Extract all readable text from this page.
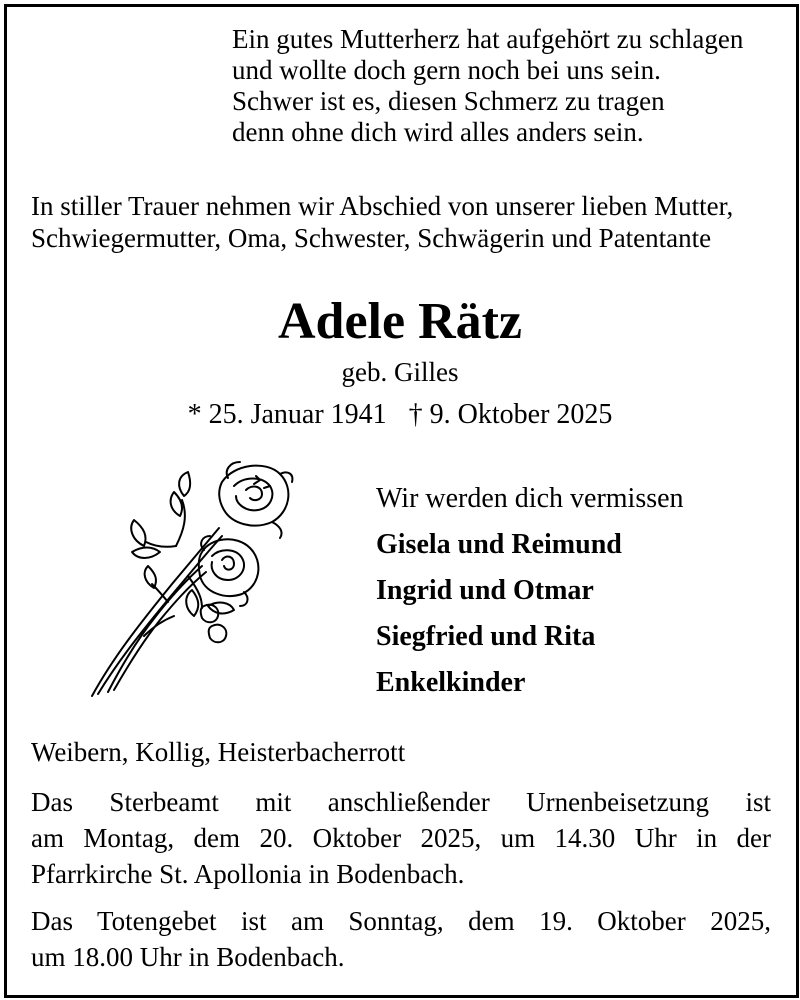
Ein gutes Mutterherz hat aufgehört zu schlagen
und wollte doch gern noch bei uns sein.
Schwer ist es, diesen Schmerz zu tragen
denn ohne dich wird alles anders sein.
In stiller Trauer nehmen wir Abschied von unserer lieben Mutter,
Schwiegermutter, Oma, Schwester, Schwägerin und Patentante
Adele Rätz
geb. Gilles
* 25. Januar 1941 † 9. Oktober 2025
Wir werden dich vermissen
Gisela und Reimund
Ingrid und Otmar
Siegfried und Rita
Enkelkinder
Weibern, Kollig, Heisterbacherrott
Das Sterbeamt mit anschließender Urnenbeisetzung ist
am Montag, dem 20. Oktober 2025, um 14.30 Uhr in der
Pfarrkirche St. Apollonia in Bodenbach.
Das Totengebet ist am Sonntag, dem 19. Oktober 2025,
um 18.00 Uhr in Bodenbach.
